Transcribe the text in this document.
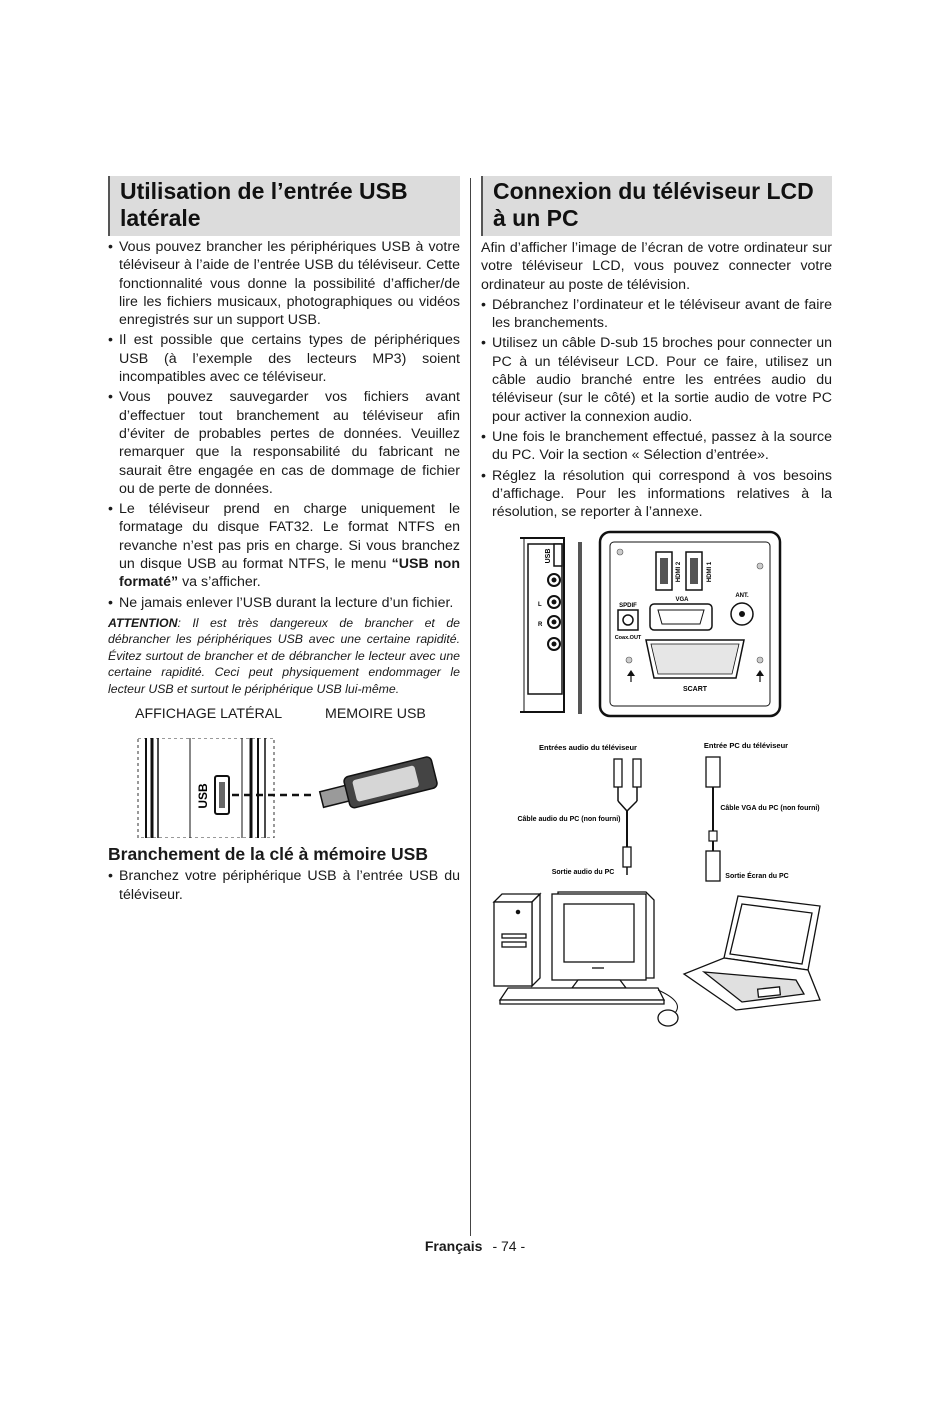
Utilisation de l’entrée USB latérale
• Vous pouvez brancher les périphériques USB à votre téléviseur à l’aide de l’entrée USB du téléviseur. Cette fonctionnalité vous donne la possibilité d’afficher/de lire les fichiers musicaux, photographiques ou vidéos enregistrés sur un support USB.
• Il est possible que certains types de périphériques USB (à l’exemple des lecteurs MP3) soient incompatibles avec ce téléviseur.
• Vous pouvez sauvegarder vos fichiers avant d’effectuer tout branchement au téléviseur afin d’éviter de probables pertes de données. Veuillez remarquer que la responsabilité du fabricant ne saurait être engagée en cas de dommage de fichier ou de perte de données.
• Le téléviseur prend en charge uniquement le formatage du disque FAT32. Le format NTFS en revanche n’est pas pris en charge. Si vous branchez un disque USB au format NTFS, le menu “USB non formaté” va s’afficher.
• Ne jamais enlever l’USB durant la lecture d’un fichier.
ATTENTION: Il est très dangereux de brancher et de débrancher les périphériques USB avec une certaine rapidité. Évitez surtout de brancher et de débrancher le lecteur avec une certaine rapidité. Ceci peut physiquement endommager le lecteur USB et surtout le périphérique USB lui-même.
AFFICHAGE LATÉRAL	MEMOIRE USB
USB
Branchement de la clé à mémoire USB
• Branchez votre périphérique USB à l’entrée USB du téléviseur.
Connexion du téléviseur LCD à un PC

Afin d’afficher l’image de l’écran de votre ordinateur sur votre téléviseur LCD, vous pouvez connecter votre ordinateur au poste de télévision.

• Débranchez l’ordinateur et le téléviseur avant de faire les branchements.
• Utilisez un câble D-sub 15 broches pour connecter un PC à un téléviseur LCD. Pour ce faire, utilisez un câble audio branché entre les entrées audio du téléviseur (sur le côté) et la sortie audio de votre PC pour activer la connexion audio.
• Une fois le branchement effectué, passez à la source du PC. Voir la section « Sélection d’entrée».
• Réglez la résolution qui correspond à vos besoins d’affichage. Pour les informations relatives à la résolution, se reporter à l’annexe.
USB
L
R
HDMI 2	HDMI 1
VGA
ANT.
SPDIF
Coax.OUT
SCART
Entrées audio du téléviseur	Entrée PC du téléviseur
Câble audio du PC (non fourni)
Câble VGA du PC (non fourni)
Sortie audio du PC
Sortie Écran du PC
Français - 74 -
